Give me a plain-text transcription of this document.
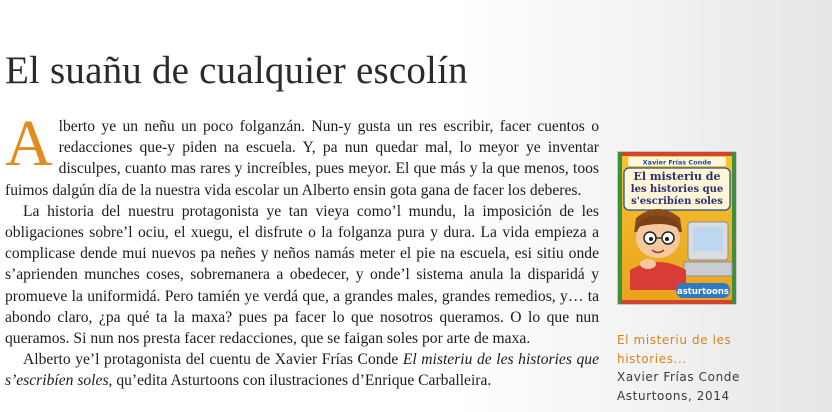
El suañu de cualquier escolín

Alberto ye un neñu un poco folganzán. Nun-y gusta un res escribir, facer cuentos o redacciones que-y piden na escuela. Y, pa nun quedar mal, lo meyor ye inventar disculpes, cuanto mas rares y increíbles, pues meyor. El que más y la que menos, toos fuimos dalgún día de la nuestra vida escolar un Alberto ensin gota gana de facer los deberes.

La historia del nuestru protagonista ye tan vieya como’l mundu, la imposición de les obligaciones sobre’l ociu, el xuegu, el disfrute o la folganza pura y dura. La vida empieza a complicase dende mui nuevos pa neñes y neños namás meter el pie na escuela, esi sitiu onde s’aprienden munches coses, sobremanera a obedecer, y onde’l sistema anula la disparidá y promueve la uniformidá. Pero tamién ye verdá que, a grandes males, grandes remedios, y… ta abondo claro, ¿pa qué ta la maxa? pues pa facer lo que nosotros queramos. O lo que nun queramos. Si nun nos presta facer redacciones, que se faigan soles por arte de maxa.

Alberto ye’l protagonista del cuentu de Xavier Frías Conde El misteriu de les histories que s’escribíen soles, qu’edita Asturtoons con ilustraciones d’Enrique Carballeira.

Xavier Frías Conde
El misteriu de
les histories que
s'escribíen soles
asturtoons
El misteriu de les
histories...
Xavier Frías Conde
Asturtoons, 2014
